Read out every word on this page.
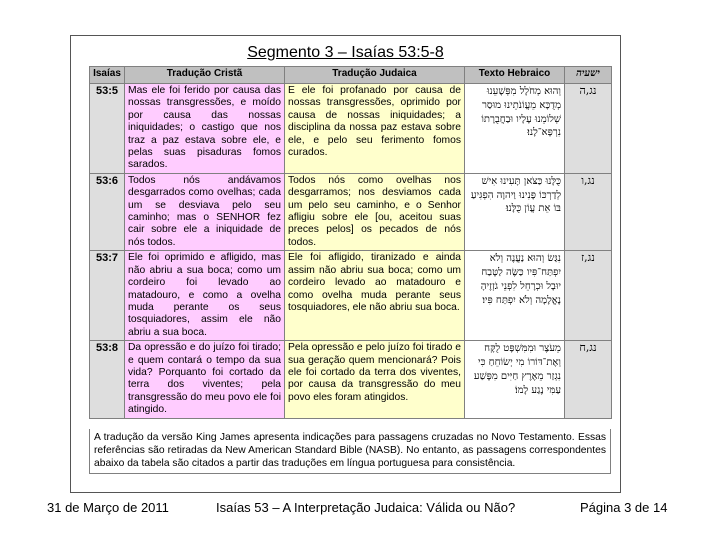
Segmento 3 – Isaías 53:5-8
Isaías	Tradução Cristã	Tradução Judaica	Texto Hebraico	ישעיה
53:5	Mas ele foi ferido por causa das nossas transgressões, e moído por causa das nossas iniquidades; o castigo que nos traz a paz estava sobre ele, e pelas suas pisaduras fomos sarados.	E ele foi profanado por causa de nossas transgressões, oprimido por causa de nossas iniquidades; a disciplina da nossa paz estava sobre ele, e pelo seu ferimento fomos curados.	וְהוּא מְחֹלָל מִפְּשָׁעֵנוּ מְדֻכָּא מֵעֲוֹנֹתֵינוּ מוּסַר שְׁלוֹמֵנוּ עָלָיו וּבַחֲבֻרָתוֹ נִרְפָּא־לָנוּ׃	נג,ה
53:6	Todos nós andávamos desgarrados como ovelhas; cada um se desviava pelo seu caminho; mas o SENHOR fez cair sobre ele a iniquidade de nós todos.	Todos nós como ovelhas nos desgarramos; nos desviamos cada um pelo seu caminho, e o Senhor afligiu sobre ele [ou, aceitou suas preces pelos] os pecados de nós todos.	כֻּלָּנוּ כַּצֹּאן תָּעִינוּ אִישׁ לְדַרְכּוֹ פָּנִינוּ וַיהוָה הִפְגִּיעַ בּוֹ אֵת עֲוֹן כֻּלָּנוּ׃	נג,ו
53:7	Ele foi oprimido e afligido, mas não abriu a sua boca; como um cordeiro foi levado ao matadouro, e como a ovelha muda perante os seus tosquiadores, assim ele não abriu a sua boca.	Ele foi afligido, tiranizado e ainda assim não abriu sua boca; como um cordeiro levado ao matadouro e como ovelha muda perante seus tosquiadores, ele não abriu sua boca.	נִגַּשׂ וְהוּא נַעֲנֶה וְלֹא יִפְתַּח־פִּיו כַּשֶּׂה לַטֶּבַח יוּבָל וּכְרָחֵל לִפְנֵי גֹזְזֶיהָ נֶאֱלָמָה וְלֹא יִפְתַּח פִּיו׃	נג,ז
53:8	Da opressão e do juízo foi tirado; e quem contará o tempo da sua vida? Porquanto foi cortado da terra dos viventes; pela transgressão do meu povo ele foi atingido.	Pela opressão e pelo juízo foi tirado e sua geração quem mencionará? Pois ele foi cortado da terra dos viventes, por causa da transgressão do meu povo eles foram atingidos.	מֵעֹצֶר וּמִמִּשְׁפָּט לֻקָּח וְאֶת־דּוֹרוֹ מִי יְשׂוֹחֵחַ כִּי נִגְזַר מֵאֶרֶץ חַיִּים מִפֶּשַׁע עַמִּי נֶגַע לָמוֹ׃	נג,ח
A tradução da versão King James apresenta indicações para passagens cruzadas no Novo Testamento. Essas referências são retiradas da New American Standard Bible (NASB). No entanto, as passagens correspondentes abaixo da tabela são citados a partir das traduções em língua portuguesa para consistência.
31 de Março de 2011	Isaías 53 – A Interpretação Judaica: Válida ou Não?	Página 3 de 14
